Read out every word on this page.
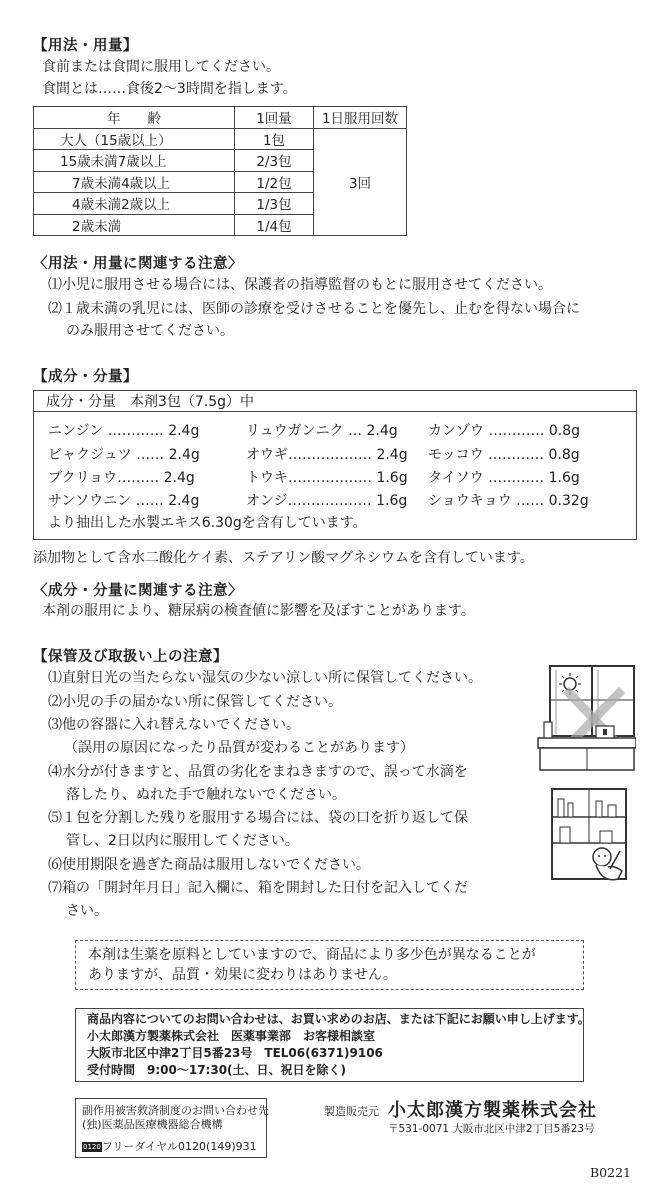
【用法・用量】
食前または食間に服用してください。
食間とは……食後2〜3時間を指します。
年　　齢	1回量	1日服用回数
大人（15歳以上）	1包	3回
15歳未満7歳以上	2/3包	
7歳未満4歳以上	1/2包	
4歳未満2歳以上	1/3包	
2歳未満	1/4包	
〈用法・用量に関連する注意〉
⑴小児に服用させる場合には、保護者の指導監督のもとに服用させてください。
⑵１歳未満の乳児には、医師の診療を受けさせることを優先し、止むを得ない場合に
のみ服用させてください。
【成分・分量】
成分・分量　本剤3包（7.5g）中
ニンジン ………… 2.4g	リュウガンニク … 2.4g カンゾウ ………… 0.8g
ビャクジュツ …… 2.4g	オウギ……………… 2.4g モッコウ ………… 0.8g
ブクリョウ……… 2.4g	トウキ……………… 1.6g タイソウ ………… 1.6g
サンソウニン …… 2.4g	オンジ……………… 1.6g ショウキョウ …… 0.32g
より抽出した水製エキス6.30gを含有しています。
添加物として含水二酸化ケイ素、ステアリン酸マグネシウムを含有しています。
〈成分・分量に関連する注意〉
本剤の服用により、糖尿病の検査値に影響を及ぼすことがあります。
【保管及び取扱い上の注意】
⑴直射日光の当たらない湿気の少ない涼しい所に保管してください。
⑵小児の手の届かない所に保管してください。
⑶他の容器に入れ替えないでください。
（誤用の原因になったり品質が変わることがあります）
⑷水分が付きますと、品質の劣化をまねきますので、誤って水滴を
落したり、ぬれた手で触れないでください。
⑸１包を分割した残りを服用する場合には、袋の口を折り返して保
管し、2日以内に服用してください。
⑹使用期限を過ぎた商品は服用しないでください。
⑺箱の「開封年月日」記入欄に、箱を開封した日付を記入してくだ
さい。
本剤は生薬を原料としていますので、商品により多少色が異なることが
ありますが、品質・効果に変わりはありません。
商品内容についてのお問い合わせは、お買い求めのお店、または下記にお願い申し上げます。
小太郎漢方製薬株式会社　医薬事業部　お客様相談室
大阪市北区中津2丁目5番23号　TEL06(6371)9106
受付時間　9:00〜17:30(土、日、祝日を除く)
副作用被害救済制度のお問い合わせ先
(独)医薬品医療機器総合機構
0120フリーダイヤル0120(149)931
製造販売元 小太郎漢方製薬株式会社
〒531-0071 大阪市北区中津2丁目5番23号
B0221
